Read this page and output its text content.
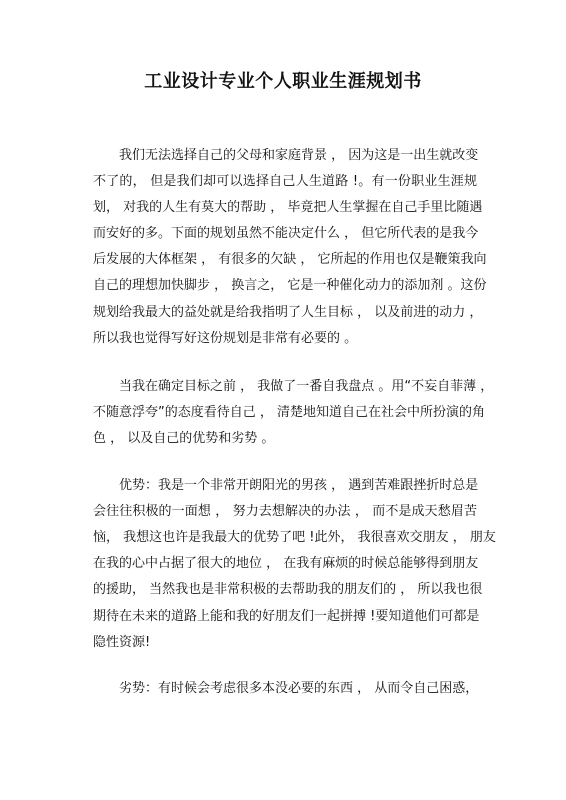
工业设计专业个人职业生涯规划书

我们无法选择自己的父母和家庭背景 ， 因为这是一出生就改变
不了的， 但是我们却可以选择自己人生道路 !。有一份职业生涯规
划， 对我的人生有莫大的帮助 ， 毕竟把人生掌握在自己手里比随遇
而安好的多。下面的规划虽然不能决定什么 ， 但它所代表的是我今
后发展的大体框架 ， 有很多的欠缺 ， 它所起的作用也仅是鞭策我向
自己的理想加快脚步 ， 换言之， 它是一种催化动力的添加剂 。这份
规划给我最大的益处就是给我指明了人生目标 ， 以及前进的动力 ，
所以我也觉得写好这份规划是非常有必要的 。

当我在确定目标之前 ， 我做了一番自我盘点 。用“不妄自菲薄 ，
不随意浮夸”的态度看待自己 ， 清楚地知道自己在社会中所扮演的角
色 ， 以及自己的优势和劣势 。

优势：我是一个非常开朗阳光的男孩 ， 遇到苦难跟挫折时总是
会往往积极的一面想 ， 努力去想解决的办法 ， 而不是成天愁眉苦
恼， 我想这也许是我最大的优势了吧 !此外， 我很喜欢交朋友 ， 朋友
在我的心中占据了很大的地位 ， 在我有麻烦的时候总能够得到朋友
的援助， 当然我也是非常积极的去帮助我的朋友们的 ， 所以我也很
期待在未来的道路上能和我的好朋友们一起拼搏 !要知道他们可都是
隐性资源!

劣势：有时候会考虑很多本没必要的东西 ， 从而令自己困惑，
